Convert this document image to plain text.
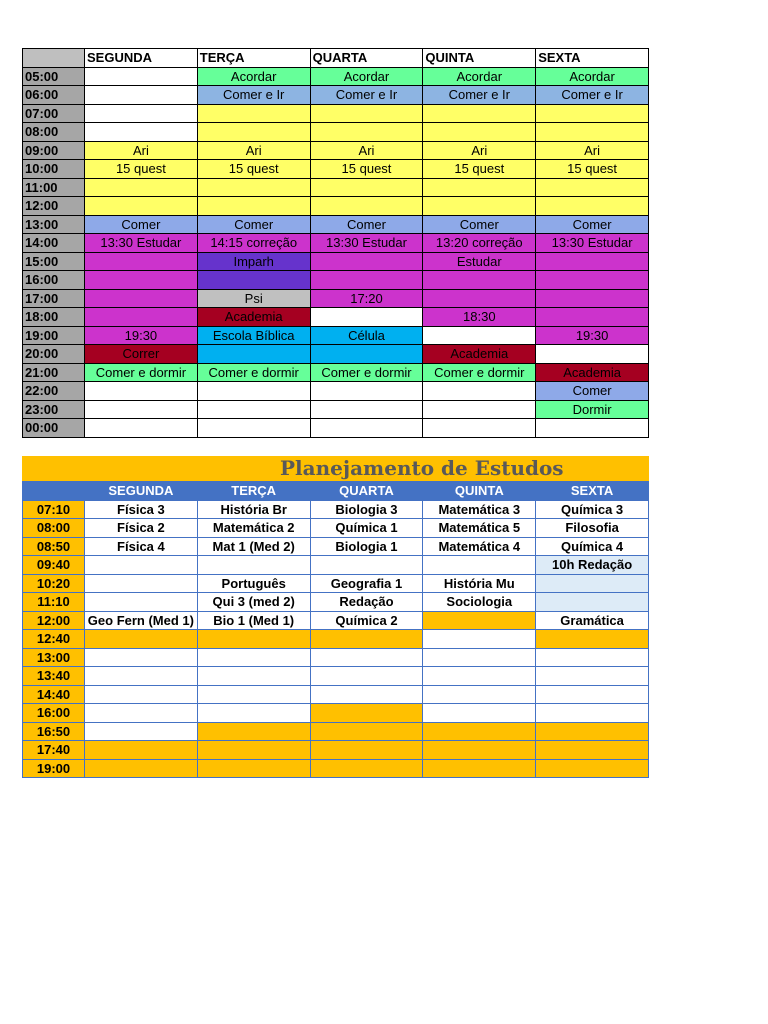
	SEGUNDA	TERÇA	QUARTA	QUINTA	SEXTA
05:00		Acordar	Acordar	Acordar	Acordar
06:00		Comer e Ir	Comer e Ir	Comer e Ir	Comer e Ir
07:00					
08:00					
09:00	Ari	Ari	Ari	Ari	Ari
10:00	15 quest	15 quest	15 quest	15 quest	15 quest
11:00					
12:00					
13:00	Comer	Comer	Comer	Comer	Comer
14:00	13:30 Estudar	14:15 correção	13:30 Estudar	13:20 correção	13:30 Estudar
15:00		Imparh		Estudar	
16:00					
17:00		Psi	17:20		
18:00		Academia		18:30	
19:00	19:30	Escola Bíblica	Célula		19:30
20:00	Correr			Academia	
21:00	Comer e dormir	Comer e dormir	Comer e dormir	Comer e dormir	Academia
22:00					Comer
23:00					Dormir
00:00					
Planejamento de Estudos
	SEGUNDA	TERÇA	QUARTA	QUINTA	SEXTA
07:10	Física 3	História Br	Biologia 3	Matemática 3	Química 3
08:00	Física 2	Matemática 2	Química 1	Matemática 5	Filosofia
08:50	Física 4	Mat 1 (Med 2)	Biologia 1	Matemática 4	Química 4
09:40					10h Redação
10:20		Português	Geografia 1	História Mu	
11:10		Qui 3 (med 2)	Redação	Sociologia	
12:00	Geo Fern (Med 1)	Bio 1 (Med 1)	Química 2		Gramática
12:40					
13:00					
13:40					
14:40					
16:00					
16:50					
17:40					
19:00					
